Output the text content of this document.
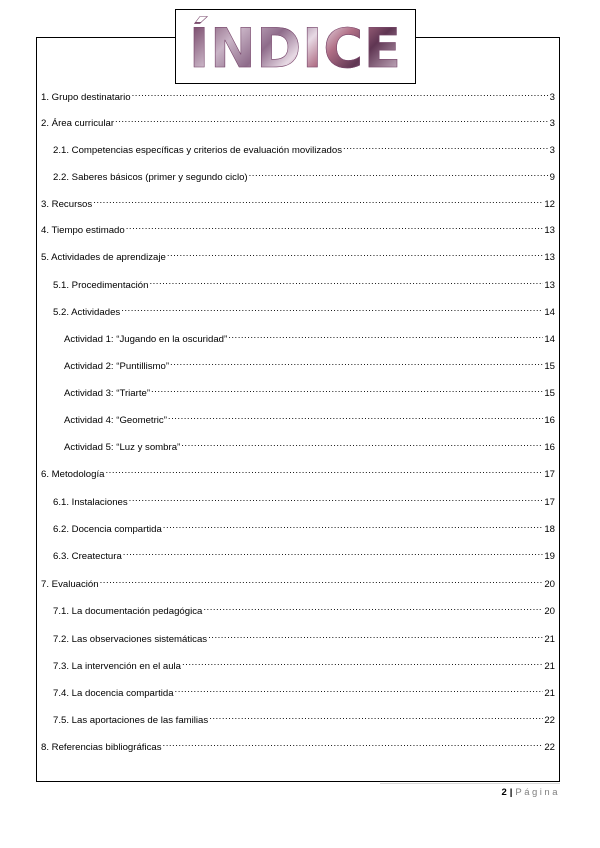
ÍNDICE
1. Grupo destinatario .....	3
2. Área curricular .....	3
2.1. Competencias específicas y criterios de evaluación movilizados .....	3
2.2. Saberes básicos (primer y segundo ciclo) .....	9
3. Recursos .....	12
4. Tiempo estimado .....	13
5. Actividades de aprendizaje .....	13
5.1. Procedimentación .....	13
5.2. Actividades .....	14
Actividad 1: “Jugando en la oscuridad” .....	14
Actividad 2: “Puntillismo” .....	15
Actividad 3: “Triarte” .....	15
Actividad 4: “Geometric” .....	16
Actividad 5: “Luz y sombra” .....	16
6. Metodología .....	17
6.1. Instalaciones .....	17
6.2. Docencia compartida .....	18
6.3. Createctura .....	19
7. Evaluación .....	20
7.1. La documentación pedagógica .....	20
7.2. Las observaciones sistemáticas .....	21
7.3. La intervención en el aula .....	21
7.4. La docencia compartida .....	21
7.5. Las aportaciones de las familias .....	22
8. Referencias bibliográficas .....	22
2 | Página
